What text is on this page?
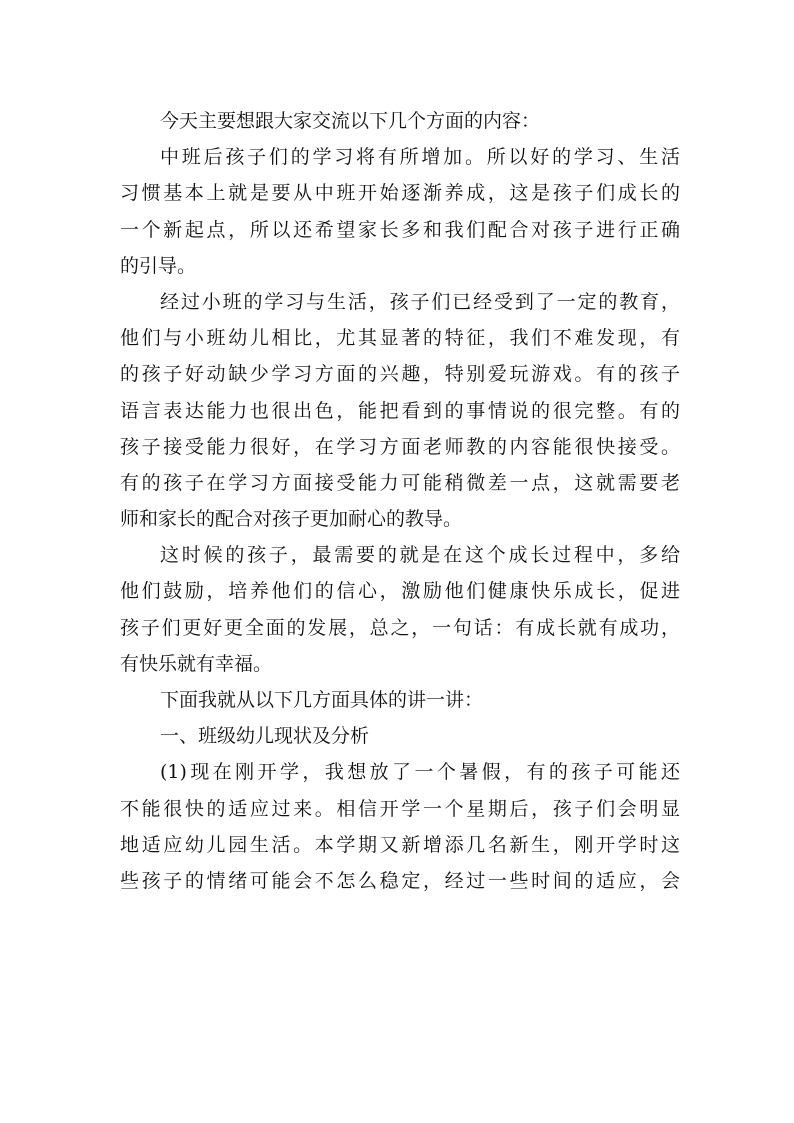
今天主要想跟大家交流以下几个方面的内容：
中班后孩子们的学习将有所增加。所以好的学习、生活
习惯基本上就是要从中班开始逐渐养成，这是孩子们成长的
一个新起点，所以还希望家长多和我们配合对孩子进行正确
的引导。
经过小班的学习与生活，孩子们已经受到了一定的教育，
他们与小班幼儿相比，尤其显著的特征，我们不难发现，有
的孩子好动缺少学习方面的兴趣，特别爱玩游戏。有的孩子
语言表达能力也很出色，能把看到的事情说的很完整。有的
孩子接受能力很好，在学习方面老师教的内容能很快接受。
有的孩子在学习方面接受能力可能稍微差一点，这就需要老
师和家长的配合对孩子更加耐心的教导。
这时候的孩子，最需要的就是在这个成长过程中，多给
他们鼓励，培养他们的信心，激励他们健康快乐成长，促进
孩子们更好更全面的发展，总之，一句话：有成长就有成功，
有快乐就有幸福。
下面我就从以下几方面具体的讲一讲：
一、班级幼儿现状及分析
(1)现在刚开学，我想放了一个暑假，有的孩子可能还
不能很快的适应过来。相信开学一个星期后，孩子们会明显
地适应幼儿园生活。本学期又新增添几名新生，刚开学时这
些孩子的情绪可能会不怎么稳定，经过一些时间的适应，会
